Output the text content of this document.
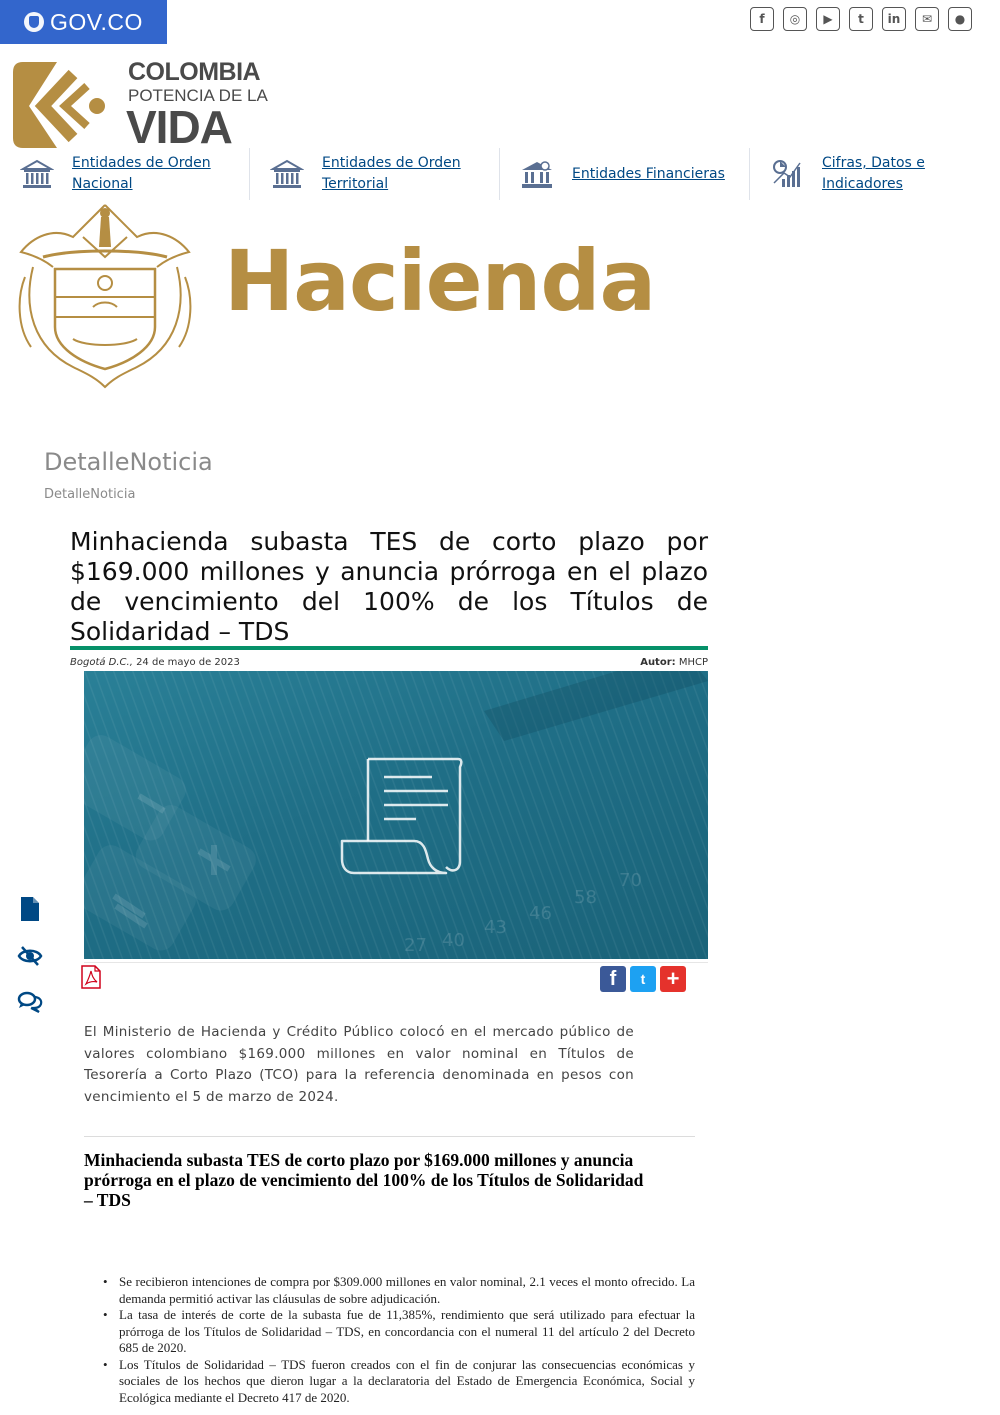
GOV.CO	f	◎	▶	t	in	✉	●
COLOMBIA
POTENCIA DE LA
VIDA
Entidades de Orden
Nacional
Entidades de Orden
Territorial
Entidades Financieras
Cifras, Datos e
Indicadores
Hacienda
DetalleNoticia
DetalleNoticia
Minhacienda subasta TES de corto plazo por $169.000 millones y anuncia prórroga en el plazo de vencimiento del 100% de los Títulos de Solidaridad – TDS
Bogotá D.C., 24 de mayo de 2023	Autor: MHCP
27 40
43
46
58
70
f	t +

El Ministerio de Hacienda y Crédito Público colocó en el mercado público de valores colombiano $169.000 millones en valor nominal en Títulos de Tesorería a Corto Plazo (TCO) para la referencia denominada en pesos con vencimiento el 5 de marzo de 2024.

Minhacienda subasta TES de corto plazo por $169.000 millones y anuncia prórroga en el plazo de vencimiento del 100% de los Títulos de Solidaridad – TDS
• Se recibieron intenciones de compra por $309.000 millones en valor nominal, 2.1 veces el monto ofrecido. La demanda permitió activar las cláusulas de sobre adjudicación.
• La tasa de interés de corte de la subasta fue de 11,385%, rendimiento que será utilizado para efectuar la prórroga de los Títulos de Solidaridad – TDS, en concordancia con el numeral 11 del artículo 2 del Decreto 685 de 2020.
• Los Títulos de Solidaridad – TDS fueron creados con el fin de conjurar las consecuencias económicas y sociales de los hechos que dieron lugar a la declaratoria del Estado de Emergencia Económica, Social y Ecológica mediante el Decreto 417 de 2020.
